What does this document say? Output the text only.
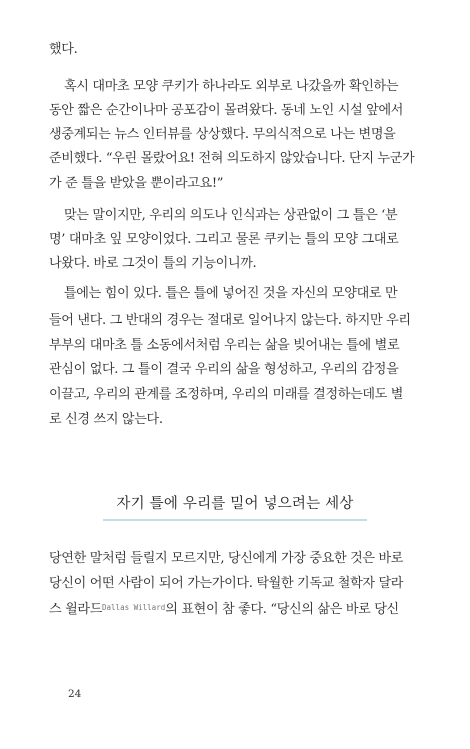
했다.
혹시 대마초 모양 쿠키가 하나라도 외부로 나갔을까 확인하는
동안 짧은 순간이나마 공포감이 몰려왔다. 동네 노인 시설 앞에서
생중계되는 뉴스 인터뷰를 상상했다. 무의식적으로 나는 변명을
준비했다. “우린 몰랐어요! 전혀 의도하지 않았습니다. 단지 누군가
가 준 틀을 받았을 뿐이라고요!”
맞는 말이지만, 우리의 의도나 인식과는 상관없이 그 틀은 ‘분
명’ 대마초 잎 모양이었다. 그리고 물론 쿠키는 틀의 모양 그대로
나왔다. 바로 그것이 틀의 기능이니까.
틀에는 힘이 있다. 틀은 틀에 넣어진 것을 자신의 모양대로 만
들어 낸다. 그 반대의 경우는 절대로 일어나지 않는다. 하지만 우리
부부의 대마초 틀 소동에서처럼 우리는 삶을 빚어내는 틀에 별로
관심이 없다. 그 틀이 결국 우리의 삶을 형성하고, 우리의 감정을
이끌고, 우리의 관계를 조정하며, 우리의 미래를 결정하는데도 별
로 신경 쓰지 않는다.
자기 틀에 우리를 밀어 넣으려는 세상
당연한 말처럼 들릴지 모르지만, 당신에게 가장 중요한 것은 바로
당신이 어떤 사람이 되어 가는가이다. 탁월한 기독교 철학자 달라
스 윌라드$^{Dallas Willard}$의 표현이 참 좋다. “당신의 삶은 바로 당신
24
